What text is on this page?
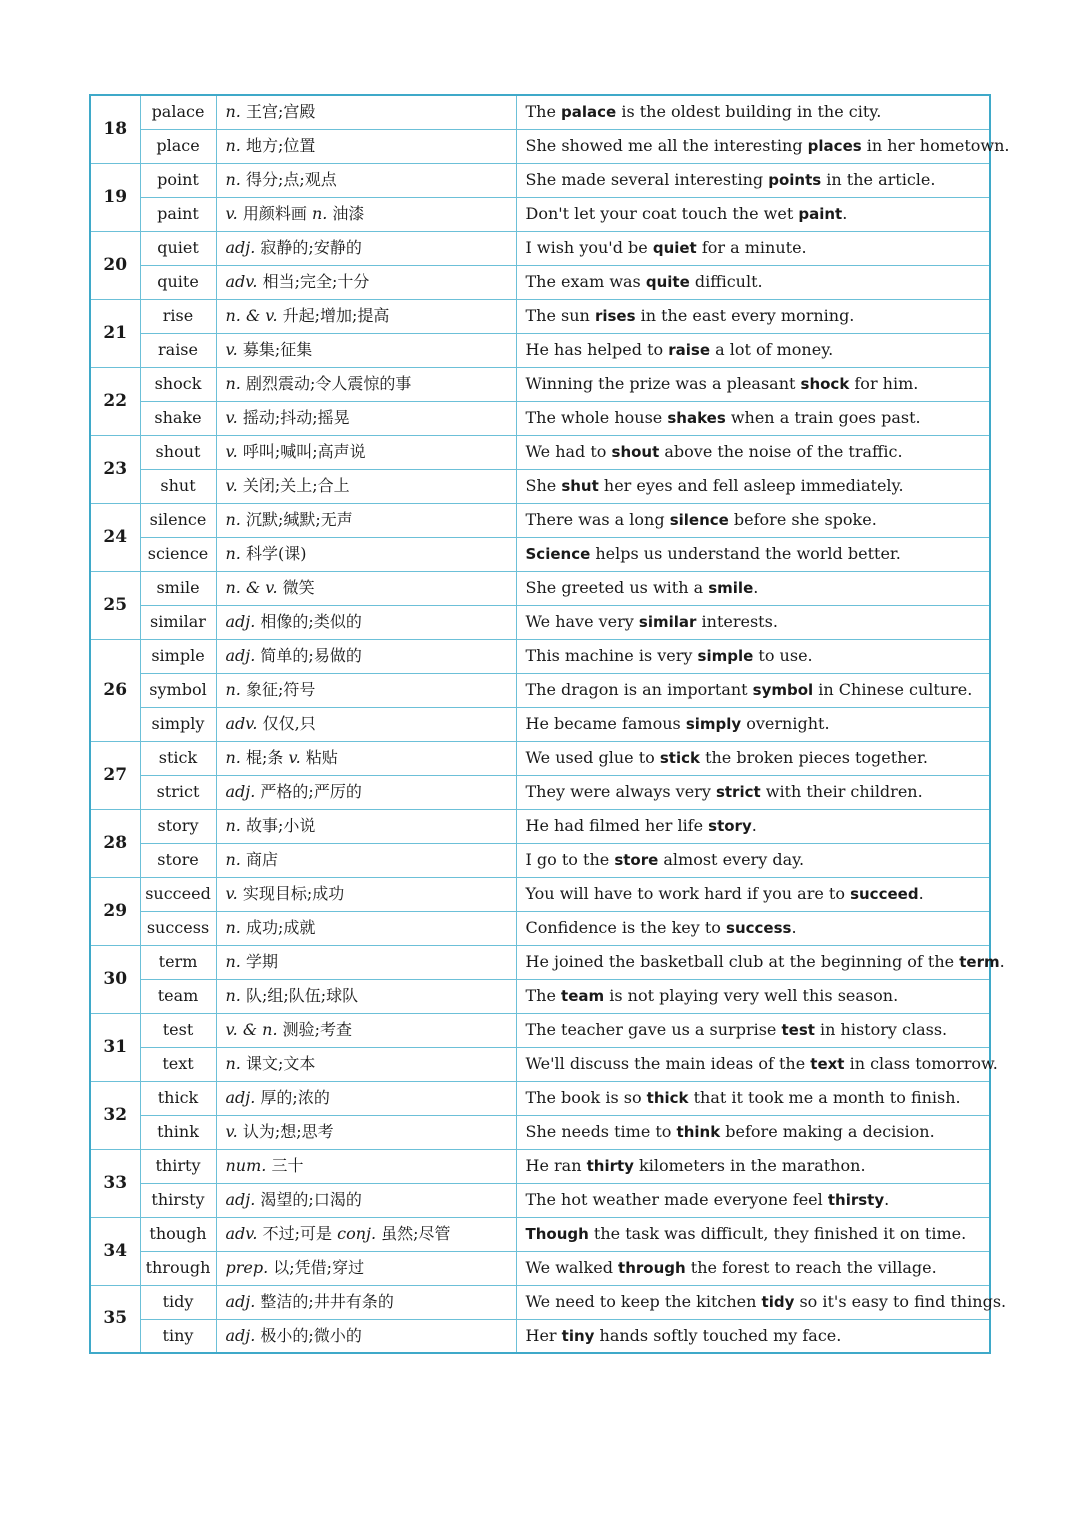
18	palace	n. 王宫;宫殿	The palace is the oldest building in the city.
	place	n. 地方;位置	She showed me all the interesting places in her hometown.
19	point	n. 得分;点;观点	She made several interesting points in the article.
	paint	v. 用颜料画 n. 油漆	Don't let your coat touch the wet paint.
20	quiet	adj. 寂静的;安静的	I wish you'd be quiet for a minute.
	quite	adv. 相当;完全;十分	The exam was quite difficult.
21	rise	n. & v. 升起;增加;提高	The sun rises in the east every morning.
	raise	v. 募集;征集	He has helped to raise a lot of money.
22	shock	n. 剧烈震动;令人震惊的事	Winning the prize was a pleasant shock for him.
	shake	v. 摇动;抖动;摇晃	The whole house shakes when a train goes past.
23	shout	v. 呼叫;喊叫;高声说	We had to shout above the noise of the traffic.
	shut	v. 关闭;关上;合上	She shut her eyes and fell asleep immediately.
24	silence	n. 沉默;缄默;无声	There was a long silence before she spoke.
	science	n. 科学(课)	Science helps us understand the world better.
25	smile	n. & v. 微笑	She greeted us with a smile.
	similar	adj. 相像的;类似的	We have very similar interests.
26	simple	adj. 简单的;易做的	This machine is very simple to use.
	symbol	n. 象征;符号	The dragon is an important symbol in Chinese culture.
	simply	adv. 仅仅,只	He became famous simply overnight.
27	stick	n. 棍;条 v. 粘贴	We used glue to stick the broken pieces together.
	strict	adj. 严格的;严厉的	They were always very strict with their children.
28	story	n. 故事;小说	He had filmed her life story.
	store	n. 商店	I go to the store almost every day.
29	succeed	v. 实现目标;成功	You will have to work hard if you are to succeed.
	success	n. 成功;成就	Confidence is the key to success.
30	term	n. 学期	He joined the basketball club at the beginning of the term.
	team	n. 队;组;队伍;球队	The team is not playing very well this season.
31	test	v. & n. 测验;考查	The teacher gave us a surprise test in history class.
	text	n. 课文;文本	We'll discuss the main ideas of the text in class tomorrow.
32	thick	adj. 厚的;浓的	The book is so thick that it took me a month to finish.
	think	v. 认为;想;思考	She needs time to think before making a decision.
33	thirty	num. 三十	He ran thirty kilometers in the marathon.
	thirsty	adj. 渴望的;口渴的	The hot weather made everyone feel thirsty.
34	though	adv. 不过;可是 conj. 虽然;尽管	Though the task was difficult, they finished it on time.
	through	prep. 以;凭借;穿过	We walked through the forest to reach the village.
35	tidy	adj. 整洁的;井井有条的	We need to keep the kitchen tidy so it's easy to find things.
	tiny	adj. 极小的;微小的	Her tiny hands softly touched my face.
